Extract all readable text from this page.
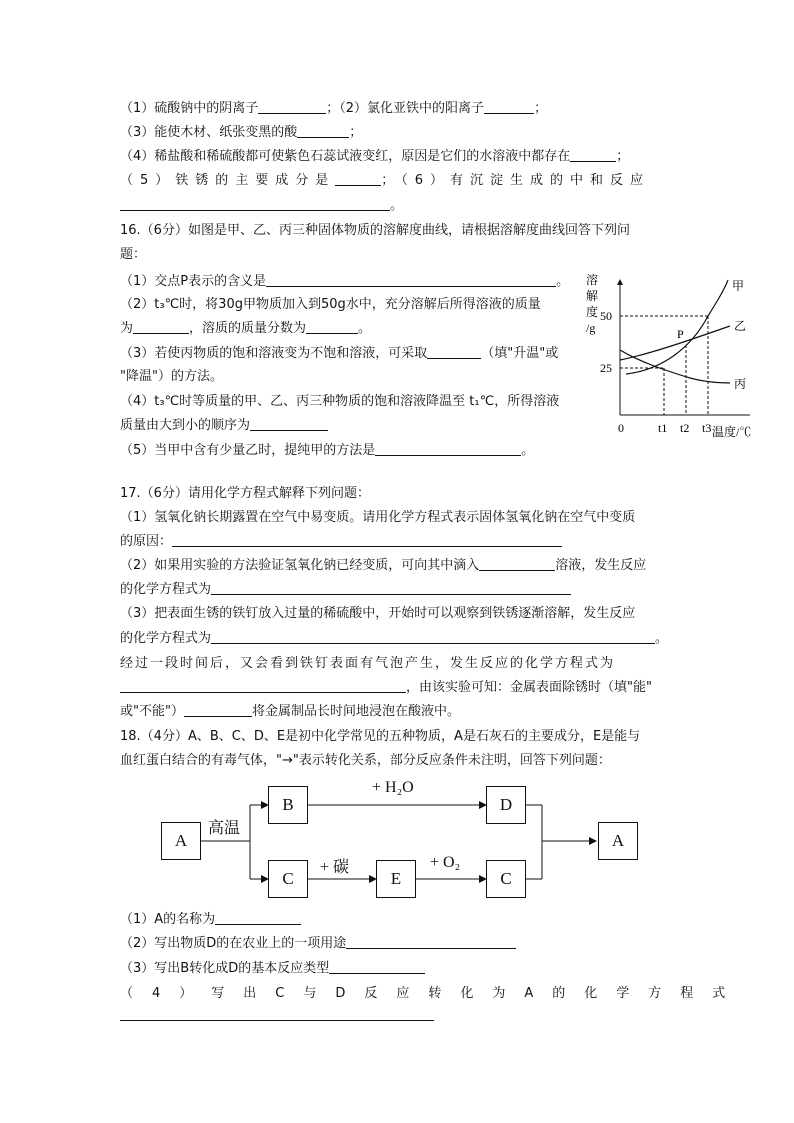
（1）硫酸钠中的阴离子	；（2）氯化亚铁中的阳离子	；
（3）能使木材、纸张变黑的酸	；
（4）稀盐酸和稀硫酸都可使紫色石蕊试液变红，原因是它们的水溶液中都存在	；
（5）铁锈的主要成分是	；（6）有沉淀生成的中和反应
。
16.（6分）如图是甲、乙、丙三种固体物质的溶解度曲线，请根据溶解度曲线回答下列问
题：
（1）交点P表示的含义是	。
（2）t₃℃时，将30g甲物质加入到50g水中，充分溶解后所得溶液的质量
为	，溶质的质量分数为	。
（3）若使丙物质的饱和溶液变为不饱和溶液，可采取	（填"升温"或
"降温"）的方法。
（4）t₃℃时等质量的甲、乙、丙三种物质的饱和溶液降温至 t₁℃，所得溶液
质量由大到小的顺序为
（5）当甲中含有少量乙时，提纯甲的方法是	。
溶
解
度
/g
50
25
0	t1 t2 t3 温度/℃
P
甲
乙
丙
17.（6分）请用化学方程式解释下列问题：
（1）氢氧化钠长期露置在空气中易变质。请用化学方程式表示固体氢氧化钠在空气中变质
的原因：
（2）如果用实验的方法验证氢氧化钠已经变质，可向其中滴入	溶液，发生反应
的化学方程式为
（3）把表面生锈的铁钉放入过量的稀硫酸中，开始时可以观察到铁锈逐渐溶解，发生反应
的化学方程式为	。
经过一段时间后，又会看到铁钉表面有气泡产生，发生反应的化学方程式为
，由该实验可知：金属表面除锈时（填"能"
或"不能"）	将金属制品长时间地浸泡在酸液中。
18.（4分）A、B、C、D、E是初中化学常见的五种物质，A是石灰石的主要成分，E是能与
血红蛋白结合的有毒气体，"→"表示转化关系，部分反应条件未注明，回答下列问题：
A
B
C	E
D
C
A
高温
+ H₂O
+ 碳	+ O₂
（1）A的名称为
（2）写出物质D的在农业上的一项用途
（3）写出B转化成D的基本反应类型
（4）写出C与D反应转化为A的化学方程式
